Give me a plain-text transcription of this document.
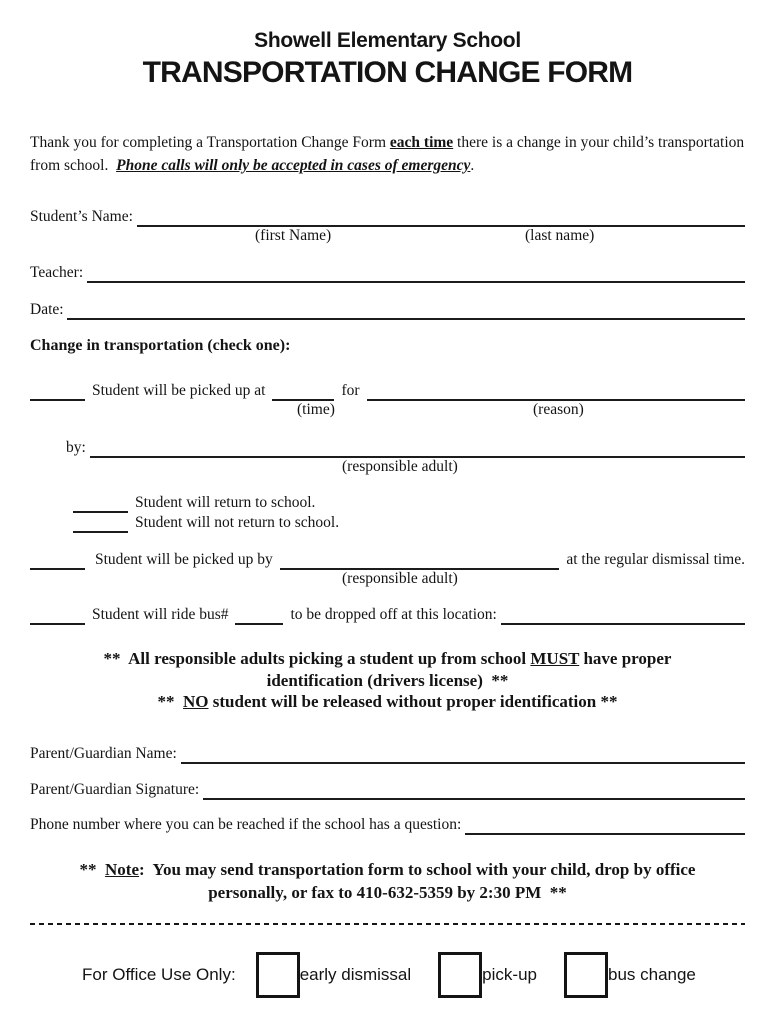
Showell Elementary School
TRANSPORTATION CHANGE FORM

Thank you for completing a Transportation Change Form each time there is a change in your child’s transportation from school.  Phone calls will only be accepted in cases of emergency.

Student’s Name:
(first Name)	(last name)
Teacher:
Date:
Change in transportation (check one):
Student will be picked up at	for
(time)	(reason)
by:
(responsible adult)
Student will return to school.
Student will not return to school.
Student will be picked up by	at the regular dismissal time.
(responsible adult)
Student will ride bus#	to be dropped off at this location:
**  All responsible adults picking a student up from school MUST have proper
identification (drivers license)  **
**  NO student will be released without proper identification **
Parent/Guardian Name:
Parent/Guardian Signature:
Phone number where you can be reached if the school has a question:
**  Note:  You may send transportation form to school with your child, drop by office
personally, or fax to 410-632-5359 by 2:30 PM  **
For Office Use Only:	early dismissal	pick-up	bus change
